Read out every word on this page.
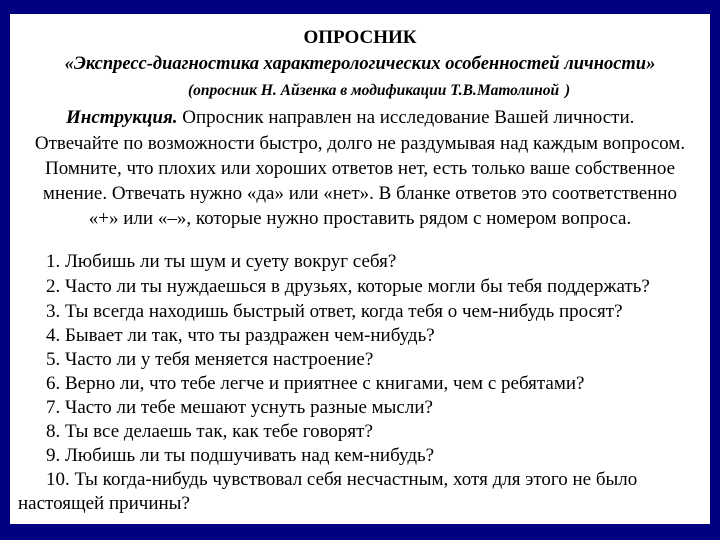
ОПРОСНИК
«Экспресс-диагностика характерологических особенностей личности»
(опросник Н. Айзенка в модификации Т.В. Матолиной )
Инструкция. Опросник направлен на исследование Вашей личности.
Отвечайте по возможности быстро, долго не раздумывая над каждым вопросом.
Помните, что плохих или хороших ответов нет, есть только ваше собственное
мнение. Отвечать нужно «да» или «нет». В бланке ответов это соответственно
«+» или «–», которые нужно проставить рядом с номером вопроса.
1. Любишь ли ты шум и суету вокруг себя?
2. Часто ли ты нуждаешься в друзьях, которые могли бы тебя поддержать?
3. Ты всегда находишь быстрый ответ, когда тебя о чем-нибудь просят?
4. Бывает ли так, что ты раздражен чем-нибудь?
5. Часто ли у тебя меняется настроение?
6. Верно ли, что тебе легче и приятнее с книгами, чем с ребятами?
7. Часто ли тебе мешают уснуть разные мысли?
8. Ты все делаешь так, как тебе говорят?
9. Любишь ли ты подшучивать над кем-нибудь?
10. Ты когда-нибудь чувствовал себя несчастным, хотя для этого не было
настоящей причины?
